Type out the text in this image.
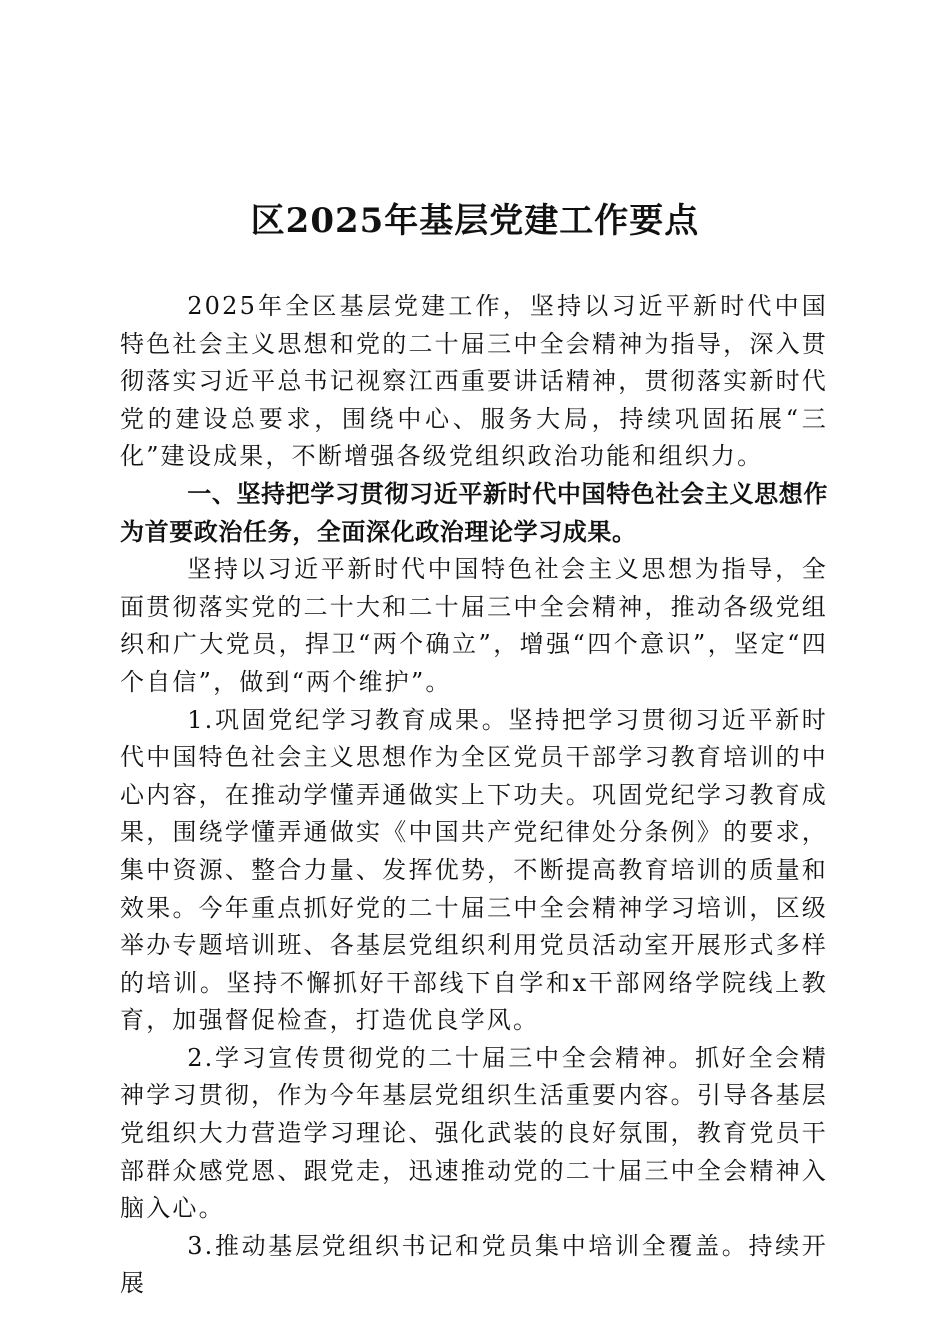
区2025年基层党建工作要点

2025年全区基层党建工作，坚持以习近平新时代中国特色社会主义思想和党的二十届三中全会精神为指导，深入贯彻落实习近平总书记视察江西重要讲话精神，贯彻落实新时代党的建设总要求，围绕中心、服务大局，持续巩固拓展“三化”建设成果，不断增强各级党组织政治功能和组织力。

一、坚持把学习贯彻习近平新时代中国特色社会主义思想作为首要政治任务，全面深化政治理论学习成果。

坚持以习近平新时代中国特色社会主义思想为指导，全面贯彻落实党的二十大和二十届三中全会精神，推动各级党组织和广大党员，捍卫“两个确立”，增强“四个意识”，坚定“四个自信”，做到“两个维护”。

1.巩固党纪学习教育成果。坚持把学习贯彻习近平新时代中国特色社会主义思想作为全区党员干部学习教育培训的中心内容，在推动学懂弄通做实上下功夫。巩固党纪学习教育成果，围绕学懂弄通做实《中国共产党纪律处分条例》的要求，集中资源、整合力量、发挥优势，不断提高教育培训的质量和效果。今年重点抓好党的二十届三中全会精神学习培训，区级举办专题培训班、各基层党组织利用党员活动室开展形式多样的培训。坚持不懈抓好干部线下自学和x干部网络学院线上教育，加强督促检查，打造优良学风。

2.学习宣传贯彻党的二十届三中全会精神。抓好全会精神学习贯彻，作为今年基层党组织生活重要内容。引导各基层党组织大力营造学习理论、强化武装的良好氛围，教育党员干部群众感党恩、跟党走，迅速推动党的二十届三中全会精神入脑入心。

3.推动基层党组织书记和党员集中培训全覆盖。持续开展
